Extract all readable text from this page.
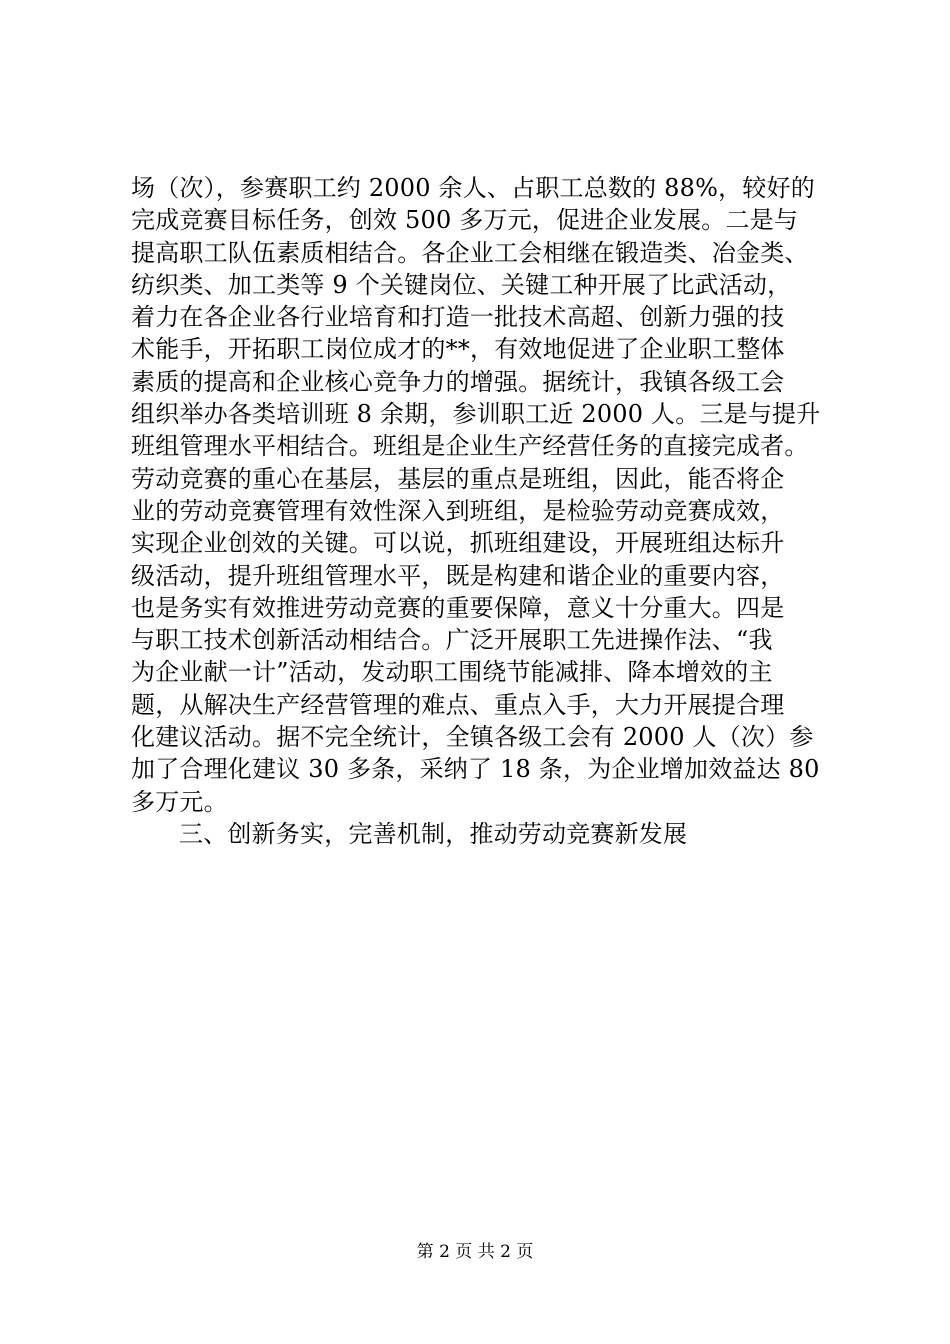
场（次），参赛职工约 2000 余人、占职工总数的 88%，较好的
完成竞赛目标任务，创效 500 多万元，促进企业发展。二是与
提高职工队伍素质相结合。各企业工会相继在锻造类、冶金类、
纺织类、加工类等 9 个关键岗位、关键工种开展了比武活动，
着力在各企业各行业培育和打造一批技术高超、创新力强的技
术能手，开拓职工岗位成才的**，有效地促进了企业职工整体
素质的提高和企业核心竞争力的增强。据统计，我镇各级工会
组织举办各类培训班 8 余期，参训职工近 2000 人。三是与提升
班组管理水平相结合。班组是企业生产经营任务的直接完成者。
劳动竞赛的重心在基层，基层的重点是班组，因此，能否将企
业的劳动竞赛管理有效性深入到班组，是检验劳动竞赛成效，
实现企业创效的关键。可以说，抓班组建设，开展班组达标升
级活动，提升班组管理水平，既是构建和谐企业的重要内容，
也是务实有效推进劳动竞赛的重要保障，意义十分重大。四是
与职工技术创新活动相结合。广泛开展职工先进操作法、“我
为企业献一计”活动，发动职工围绕节能减排、降本增效的主
题，从解决生产经营管理的难点、重点入手，大力开展提合理
化建议活动。据不完全统计，全镇各级工会有 2000 人（次）参
加了合理化建议 30 多条，采纳了 18 条，为企业增加效益达 80
多万元。
三、创新务实，完善机制，推动劳动竞赛新发展
第 2 页 共 2 页
